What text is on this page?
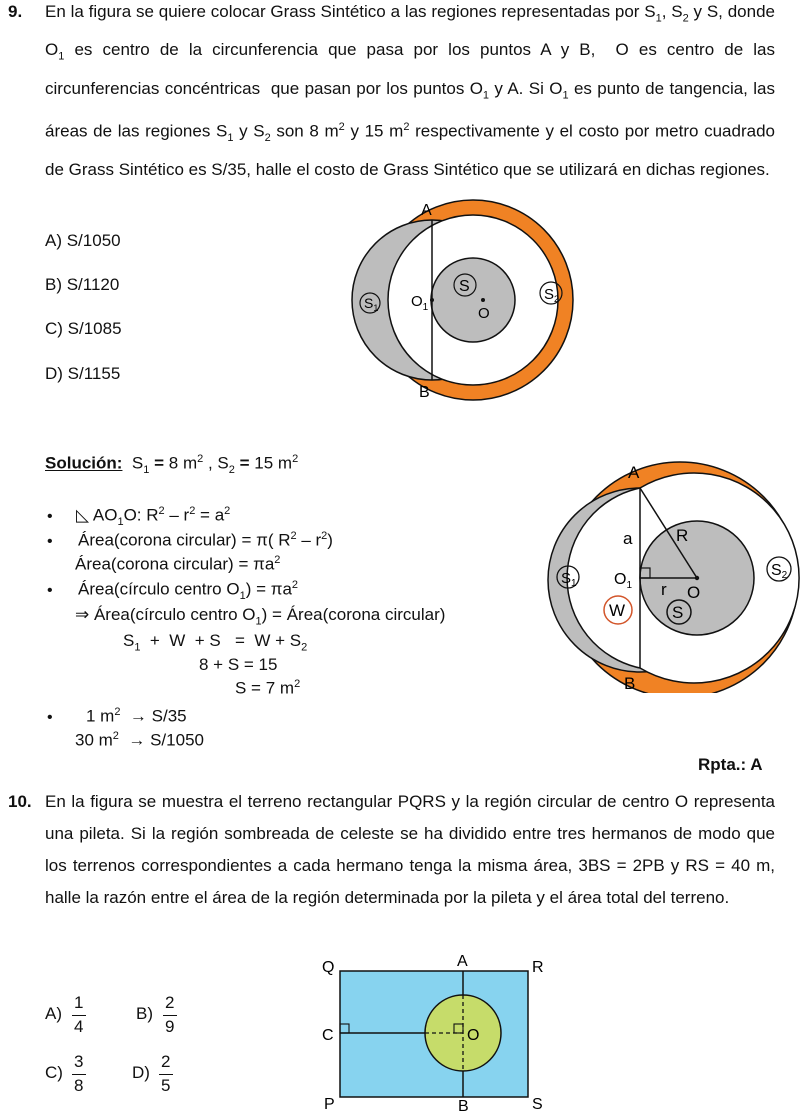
9. En la figura se quiere colocar Grass Sintético a las regiones representadas por $S_1$, $S_2$ y S, donde $O_1$ es centro de la circunferencia que pasa por los puntos A y B,  O es centro de las circunferencias concéntricas  que pasan por los puntos $O_1$ y A. Si $O_1$ es punto de tangencia, las áreas de las regiones $S_1$ y $S_2$ son 8 $m^2$ y 15 $m^2$ respectivamente y el costo por metro cuadrado de Grass Sintético es S/35, halle el costo de Grass Sintético que se utilizará en dichas regiones.
A) S/1050
B) S/1120
C) S/1085
D) S/1155
A
B
$O_1$	O
S
$S_1$
$S_2$
Solución:  $S_1 = 8$ $m^2$ , $S_2 = 15$ $m^2$
• ◺ $AO_1O$: $R^2 - r^2 = a^2$
• Área(corona circular) = π( $R^2 - r^2$)
Área(corona circular) = $\pi a^2$
• Área(círculo centro $O_1) = \pi a^2$
⇒ Área(círculo centro $O_1$) = Área(corona circular)
$S_1 + W + S = W + S_2$
8 + S = 15
S = 7 $m^2$
• 1 $m^2 \to S/35$
30 $m^2 \to S/1050$
Rpta.: A
A
B
a	R
r
$O_1$	O
W	S
$S_1$
S2
10. En la figura se muestra el terreno rectangular PQRS y la región circular de centro O representa una pileta. Si la región sombreada de celeste se ha dividido entre tres hermanos de modo que los terrenos correspondientes a cada hermano tenga la misma área, 3BS = 2PB y RS = 40 m, halle la razón entre el área de la región determinada por la pileta y el área total del terreno.
A)
1
4
B)
2
9
C)
3
8
D)
2
5
Q	A	R
C	O
P	B	S
